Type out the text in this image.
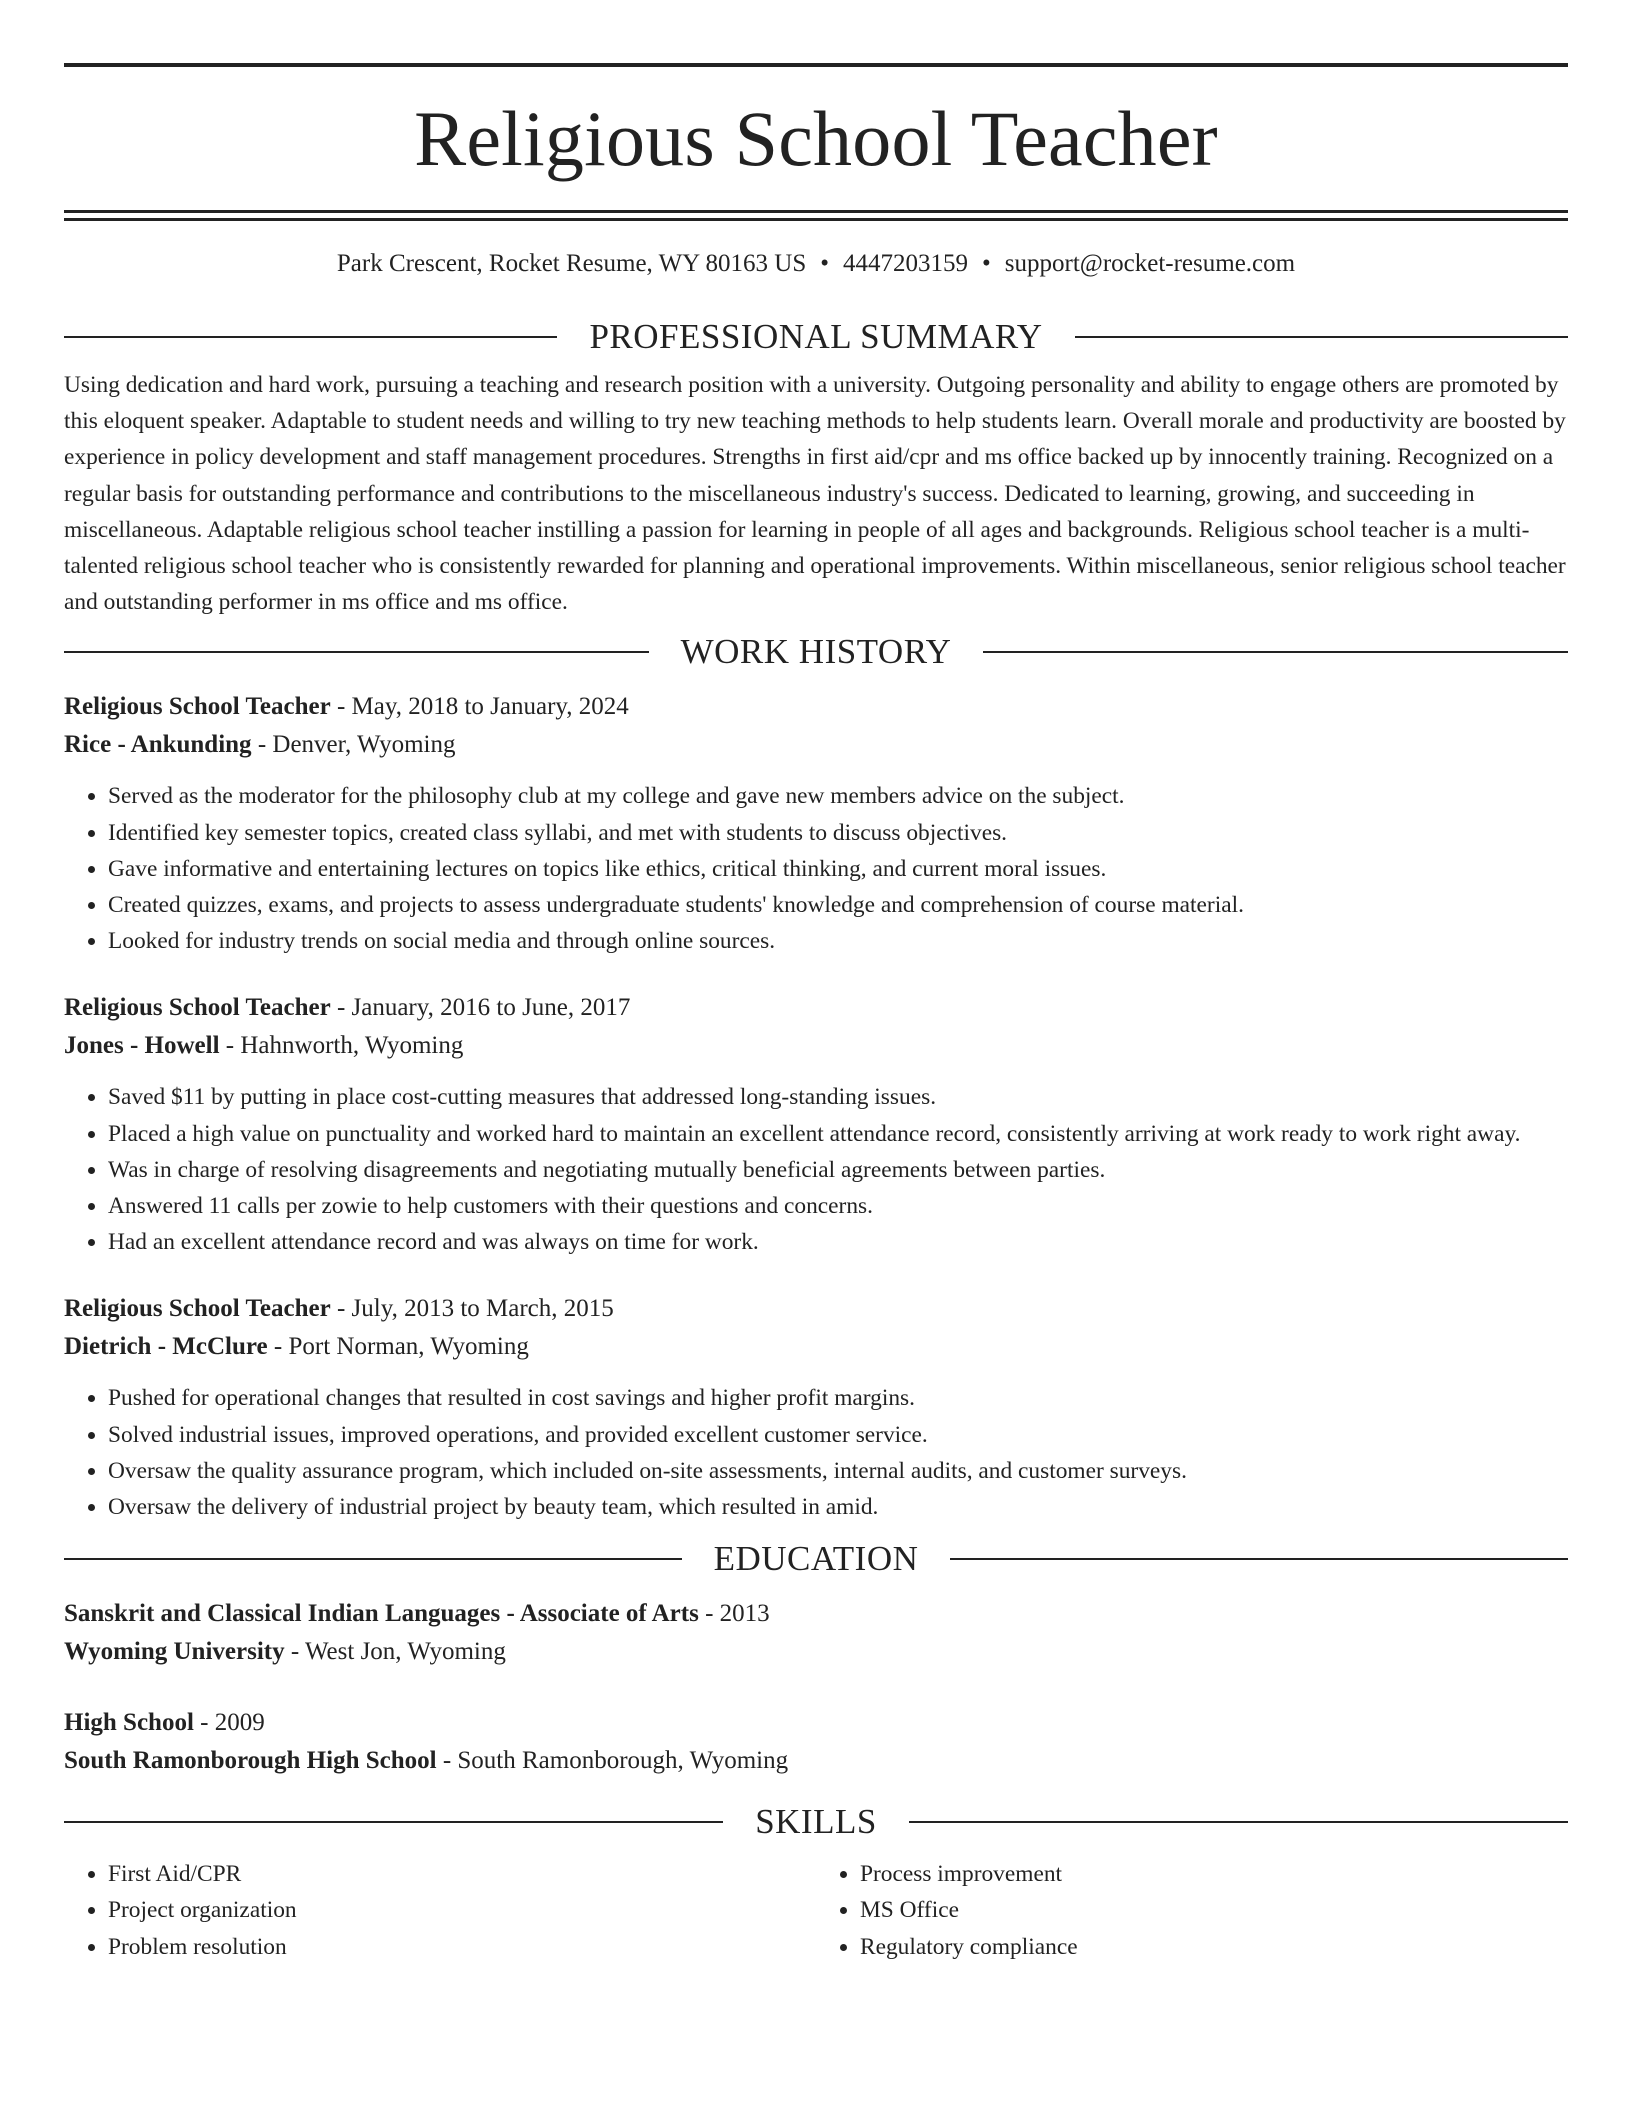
Religious School Teacher
Park Crescent, Rocket Resume, WY 80163 US • 4447203159 • support@rocket-resume.com
PROFESSIONAL SUMMARY
Using dedication and hard work, pursuing a teaching and research position with a university. Outgoing personality and ability to engage others are promoted by this eloquent speaker. Adaptable to student needs and willing to try new teaching methods to help students learn. Overall morale and productivity are boosted by experience in policy development and staff management procedures. Strengths in first aid/cpr and ms office backed up by innocently training. Recognized on a regular basis for outstanding performance and contributions to the miscellaneous industry's success. Dedicated to learning, growing, and succeeding in miscellaneous. Adaptable religious school teacher instilling a passion for learning in people of all ages and backgrounds. Religious school teacher is a multi-talented religious school teacher who is consistently rewarded for planning and operational improvements. Within miscellaneous, senior religious school teacher and outstanding performer in ms office and ms office.
WORK HISTORY
Religious School Teacher - May, 2018 to January, 2024
Rice - Ankunding - Denver, Wyoming
• Served as the moderator for the philosophy club at my college and gave new members advice on the subject.
• Identified key semester topics, created class syllabi, and met with students to discuss objectives.
• Gave informative and entertaining lectures on topics like ethics, critical thinking, and current moral issues.
• Created quizzes, exams, and projects to assess undergraduate students' knowledge and comprehension of course material.
• Looked for industry trends on social media and through online sources.
Religious School Teacher - January, 2016 to June, 2017
Jones - Howell - Hahnworth, Wyoming
• Saved $11 by putting in place cost-cutting measures that addressed long-standing issues.
• Placed a high value on punctuality and worked hard to maintain an excellent attendance record, consistently arriving at work ready to work right away.
• Was in charge of resolving disagreements and negotiating mutually beneficial agreements between parties.
• Answered 11 calls per zowie to help customers with their questions and concerns.
• Had an excellent attendance record and was always on time for work.
Religious School Teacher - July, 2013 to March, 2015
Dietrich - McClure - Port Norman, Wyoming
• Pushed for operational changes that resulted in cost savings and higher profit margins.
• Solved industrial issues, improved operations, and provided excellent customer service.
• Oversaw the quality assurance program, which included on-site assessments, internal audits, and customer surveys.
• Oversaw the delivery of industrial project by beauty team, which resulted in amid.
EDUCATION
Sanskrit and Classical Indian Languages - Associate of Arts - 2013
Wyoming University - West Jon, Wyoming
High School - 2009
South Ramonborough High School - South Ramonborough, Wyoming
SKILLS
• First Aid/CPR
• Project organization
• Problem resolution
• Process improvement
• MS Office
• Regulatory compliance
